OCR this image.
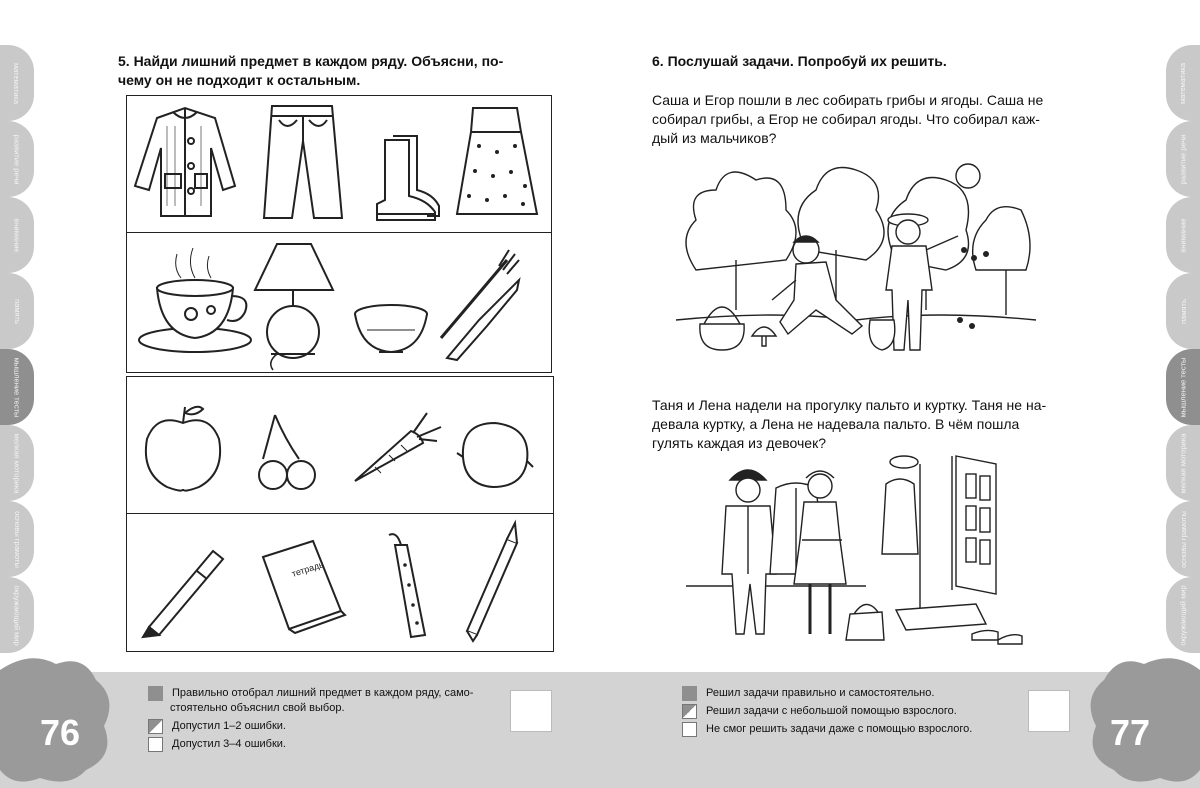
математика
развитие речи
внимание
память
мышление тесты
мелкая моторика
основы грамоты
окружающий мир
математика
развитие речи
внимание
память
мышление тесты
мелкая моторика
основы грамоты
окружающий мир
5. Найди лишний предмет в каждом ряду. Объясни, по-
чему он не подходит к остальным.
тетрадь
6. Послушай задачи. Попробуй их решить.
Саша и Егор пошли в лес собирать грибы и ягоды. Саша не
собирал грибы, а Егор не собирал ягоды. Что собирал каж-
дый из мальчиков?
Таня и Лена надели на прогулку пальто и куртку. Таня не на-
девала куртку, а Лена не надевала пальто. В чём пошла
гулять каждая из девочек?
76	77
Правильно отобрал лишний предмет в каждом ряду, само-
стоятельно объяснил свой выбор.
Допустил 1–2 ошибки.
Допустил 3–4 ошибки.
Решил задачи правильно и самостоятельно.
Решил задачи с небольшой помощью взрослого.
Не смог решить задачи даже с помощью взрослого.
